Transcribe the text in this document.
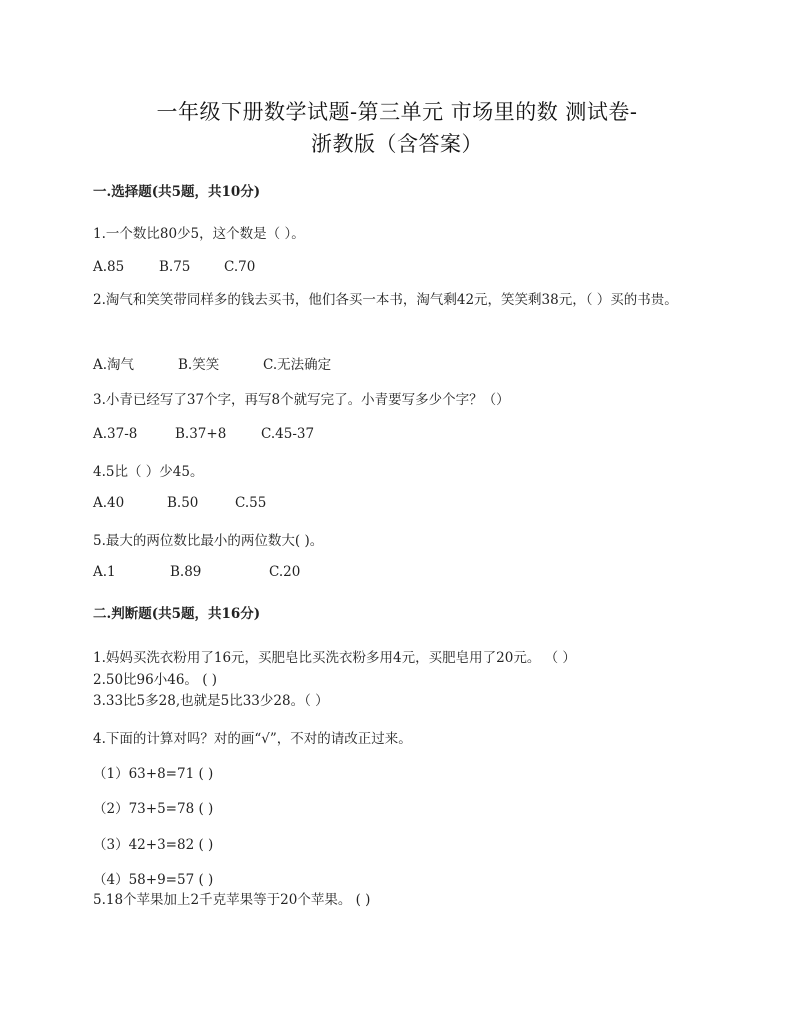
一年级下册数学试题-第三单元 市场里的数 测试卷-
浙教版（含答案）
一.选择题(共5题，共10分)
1.一个数比80少5，这个数是（ ）。
A.85	B.75 C.70
2.淘气和笑笑带同样多的钱去买书，他们各买一本书，淘气剩42元，笑笑剩38元，（ ）买的书贵。
A.淘气	B.笑笑	C.无法确定
3.小青已经写了37个字，再写8个就写完了。小青要写多少个字？（）
A.37-8	B.37+8	C.45-37
4.5比（ ）少45。
A.40	B.50	C.55
5.最大的两位数比最小的两位数大( )。
A.1	B.89	C.20
二.判断题(共5题，共16分)
1.妈妈买洗衣粉用了16元，买肥皂比买洗衣粉多用4元，买肥皂用了20元。 （ ）
2.50比96小46。 ( )
3.33比5多28,也就是5比33少28。（ ）
4.下面的计算对吗？对的画“√”，不对的请改正过来。
（1）63+8=71 ( )
（2）73+5=78 ( )
（3）42+3=82 ( )
（4）58+9=57 ( )
5.18个苹果加上2千克苹果等于20个苹果。 ( )
